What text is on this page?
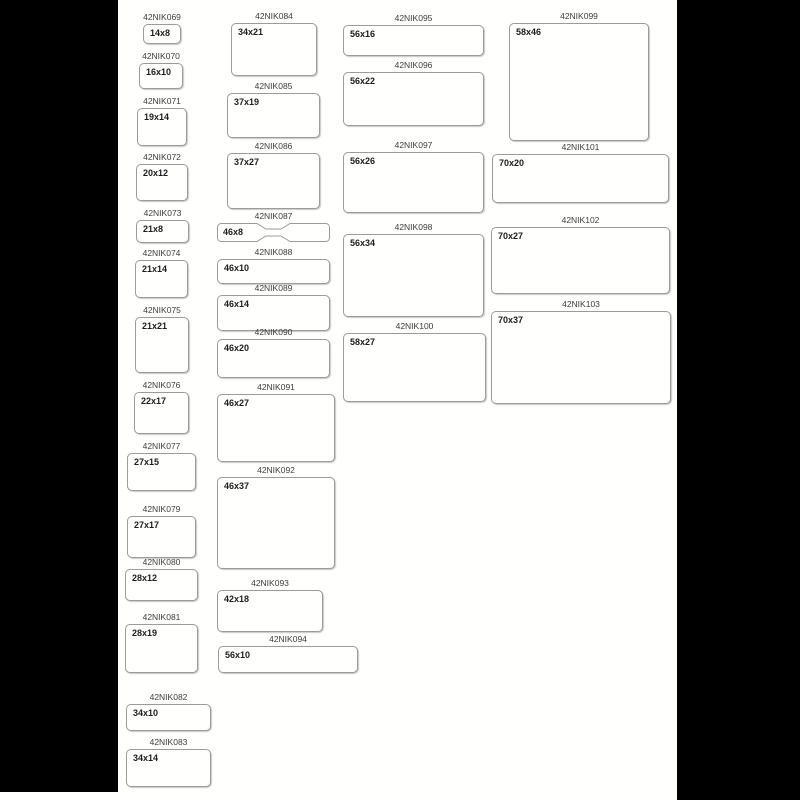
42NIK069
14x8
42NIK070
16x10
42NIK071
19x14
42NIK072
20x12
42NIK073
21x8
42NIK074
21x14
42NIK075
21x21
42NIK076
22x17
42NIK077
27x15
42NIK079
27x17
42NIK080
28x12
42NIK081
28x19
42NIK082
34x10
42NIK083
34x14
42NIK084
34x21
42NIK085
37x19
42NIK086
37x27
42NIK087
46x8
42NIK088
46x10
42NIK089
46x14
42NIK090
46x20
42NIK091
46x27
42NIK092
46x37
42NIK093
42x18
42NIK094
56x10
42NIK095
56x16
42NIK096
56x22
42NIK097
56x26
42NIK098
56x34
42NIK100
58x27
42NIK099
58x46
42NIK101
70x20
42NIK102
70x27
42NIK103
70x37
